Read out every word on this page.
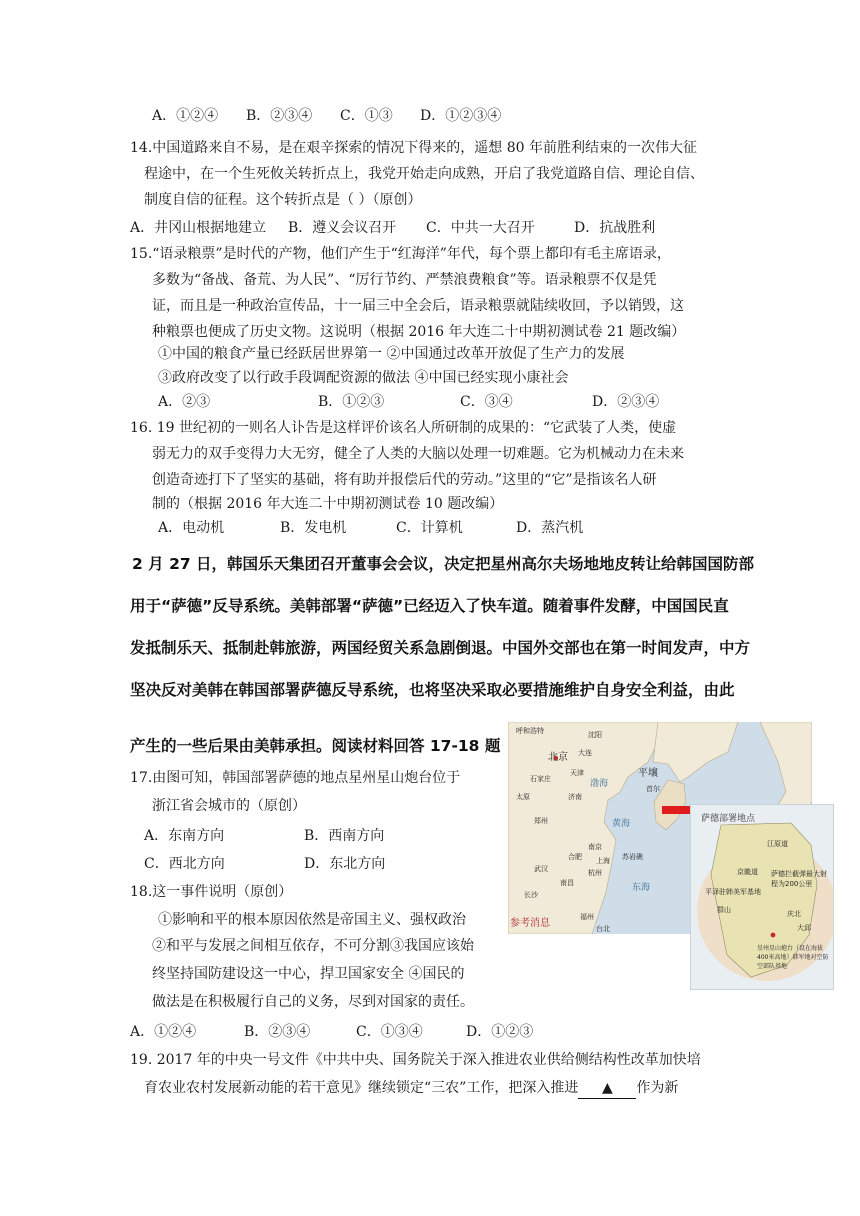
A．①②④ B．②③④ C．①③ D．①②③④
14.中国道路来自不易，是在艰辛探索的情况下得来的，遥想 80 年前胜利结束的一次伟大征
程途中，在一个生死攸关转折点上，我党开始走向成熟，开启了我党道路自信、理论自信、
制度自信的征程。这个转折点是（ ）（原创）
A．井冈山根据地建立 B．遵义会议召开 C．中共一大召开	D．抗战胜利
15.“语录粮票”是时代的产物，他们产生于“红海洋”年代，每个票上都印有毛主席语录，
多数为“备战、备荒、为人民”、“厉行节约、严禁浪费粮食”等。语录粮票不仅是凭
证，而且是一种政治宣传品，十一届三中全会后，语录粮票就陆续收回，予以销毁，这
种粮票也便成了历史文物。这说明（根据 2016 年大连二十中期初测试卷 21 题改编）
①中国的粮食产量已经跃居世界第一 ②中国通过改革开放促了生产力的发展
③政府改变了以行政手段调配资源的做法 ④中国已经实现小康社会
A．②③	B．①②③	C．③④	D．②③④
16. 19 世纪初的一则名人讣告是这样评价该名人所研制的成果的：“它武装了人类，使虚
弱无力的双手变得力大无穷，健全了人类的大脑以处理一切难题。它为机械动力在未来
创造奇迹打下了坚实的基础，将有助并报偿后代的劳动。”这里的“它”是指该名人研
制的（根据 2016 年大连二十中期初测试卷 10 题改编）
A．电动机	B．发电机	C．计算机	D．蒸汽机
2 月 27 日，韩国乐天集团召开董事会会议，决定把星州高尔夫场地地皮转让给韩国国防部
用于“萨德”反导系统。美韩部署“萨德”已经迈入了快车道。随着事件发酵，中国国民直
发抵制乐天、抵制赴韩旅游，两国经贸关系急剧倒退。中国外交部也在第一时间发声，中方
坚决反对美韩在韩国部署萨德反导系统，也将坚决采取必要措施维护自身安全利益，由此
产生的一些后果由美韩承担。阅读材料回答 17-18 题
17.由图可知，韩国部署萨德的地点星州星山炮台位于
浙江省会城市的（原创）
A．东南方向	B．西南方向
C．西北方向	D．东北方向
18.这一事件说明（原创）
①影响和平的根本原因依然是帝国主义、强权政治
②和平与发展之间相互依存，不可分割③我国应该始
终坚持国防建设这一中心，捍卫国家安全 ④国民的
做法是在积极履行自己的义务，尽到对国家的责任。
A．①②④	B．②③④	C．①③④	D．①②③
19. 2017 年的中央一号文件《中共中央、国务院关于深入推进农业供给侧结构性改革加快培
育农业农村发展新动能的若干意见》继续锁定“三农”工作，把深入推进 ▲ 作为新
北京
天津
石家庄
太原	济南
郑州
武汉
长沙
南昌
合肥
南京
上海
杭州
福州
台北
沈阳
大连
平壤
首尔
渤海
黄海
东海
苏岩礁
呼和浩特
参考消息
萨德部署地点
江原道
京畿道
平泽驻韩美军基地
萨德拦截弹最大射程为200公里
群山	庆北
大邱
星州星山炮台（设在海拔400米高地）韩军地对空防空部队基地
